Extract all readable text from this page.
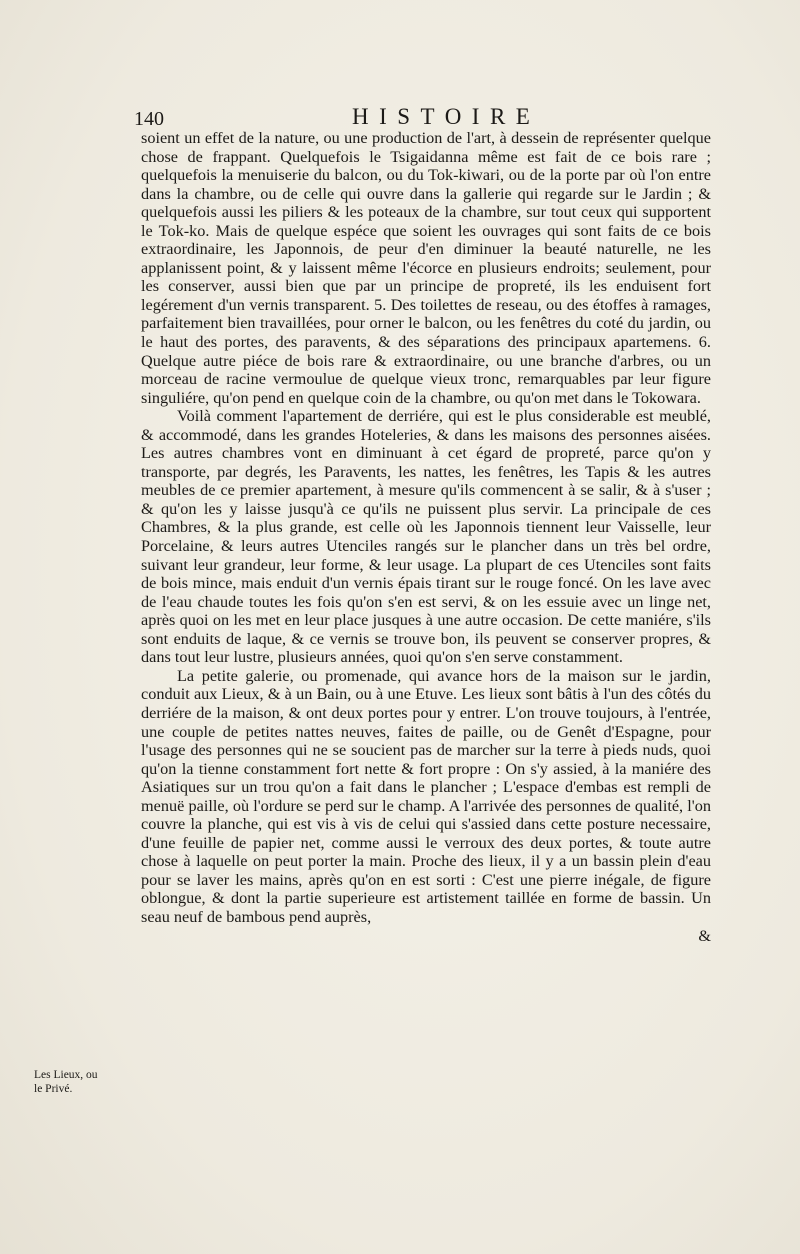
140	HISTOIRE

soient un effet de la nature, ou une production de l'art, à dessein de représenter quelque chose de frappant. Quelquefois le Tsigaidanna même est fait de ce bois rare ; quelquefois la menuiserie du balcon, ou du Tok-kiwari, ou de la porte par où l'on entre dans la chambre, ou de celle qui ouvre dans la gallerie qui regarde sur le Jardin ; & quelquefois aussi les piliers & les poteaux de la chambre, sur tout ceux qui supportent le Tok-ko. Mais de quelque espéce que soient les ouvrages qui sont faits de ce bois extraordinaire, les Japonnois, de peur d'en diminuer la beauté naturelle, ne les applanissent point, & y laissent même l'écorce en plusieurs endroits; seulement, pour les conserver, aussi bien que par un principe de propreté, ils les enduisent fort legérement d'un vernis transparent. 5. Des toilettes de reseau, ou des étoffes à ramages, parfaitement bien travaillées, pour orner le balcon, ou les fenêtres du coté du jardin, ou le haut des portes, des paravents, & des séparations des principaux apartemens. 6. Quelque autre piéce de bois rare & extraordinaire, ou une branche d'arbres, ou un morceau de racine vermoulue de quelque vieux tronc, remarquables par leur figure singuliére, qu'on pend en quelque coin de la chambre, ou qu'on met dans le Tokowara.

Voilà comment l'apartement de derriére, qui est le plus considerable est meublé, & accommodé, dans les grandes Hoteleries, & dans les maisons des personnes aisées. Les autres chambres vont en diminuant à cet égard de propreté, parce qu'on y transporte, par degrés, les Paravents, les nattes, les fenêtres, les Tapis & les autres meubles de ce premier apartement, à mesure qu'ils commencent à se salir, & à s'user ; & qu'on les y laisse jusqu'à ce qu'ils ne puissent plus servir. La principale de ces Chambres, & la plus grande, est celle où les Japonnois tiennent leur Vaisselle, leur Porcelaine, & leurs autres Utenciles rangés sur le plancher dans un très bel ordre, suivant leur grandeur, leur forme, & leur usage. La plupart de ces Utenciles sont faits de bois mince, mais enduit d'un vernis épais tirant sur le rouge foncé. On les lave avec de l'eau chaude toutes les fois qu'on s'en est servi, & on les essuie avec un linge net, après quoi on les met en leur place jusques à une autre occasion. De cette maniére, s'ils sont enduits de laque, & ce vernis se trouve bon, ils peuvent se conserver propres, & dans tout leur lustre, plusieurs années, quoi qu'on s'en serve constamment.

La petite galerie, ou promenade, qui avance hors de la maison sur le jardin, conduit aux Lieux, & à un Bain, ou à une Etuve. Les lieux sont bâtis à l'un des côtés du derriére de la maison, & ont deux portes pour y entrer. L'on trouve toujours, à l'entrée, une couple de petites nattes neuves, faites de paille, ou de Genêt d'Espagne, pour l'usage des personnes qui ne se soucient pas de marcher sur la terre à pieds nuds, quoi qu'on la tienne constamment fort nette & fort propre : On s'y assied, à la maniére des Asiatiques sur un trou qu'on a fait dans le plancher ; L'espace d'embas est rempli de menuë paille, où l'ordure se perd sur le champ. A l'arrivée des personnes de qualité, l'on couvre la planche, qui est vis à vis de celui qui s'assied dans cette posture necessaire, d'une feuille de papier net, comme aussi le verroux des deux portes, & toute autre chose à laquelle on peut porter la main. Proche des lieux, il y a un bassin plein d'eau pour se laver les mains, après qu'on en est sorti : C'est une pierre inégale, de figure oblongue, & dont la partie superieure est artistement taillée en forme de bassin. Un seau neuf de bambous pend auprès,

&
Les Lieux, ou le Privé.
